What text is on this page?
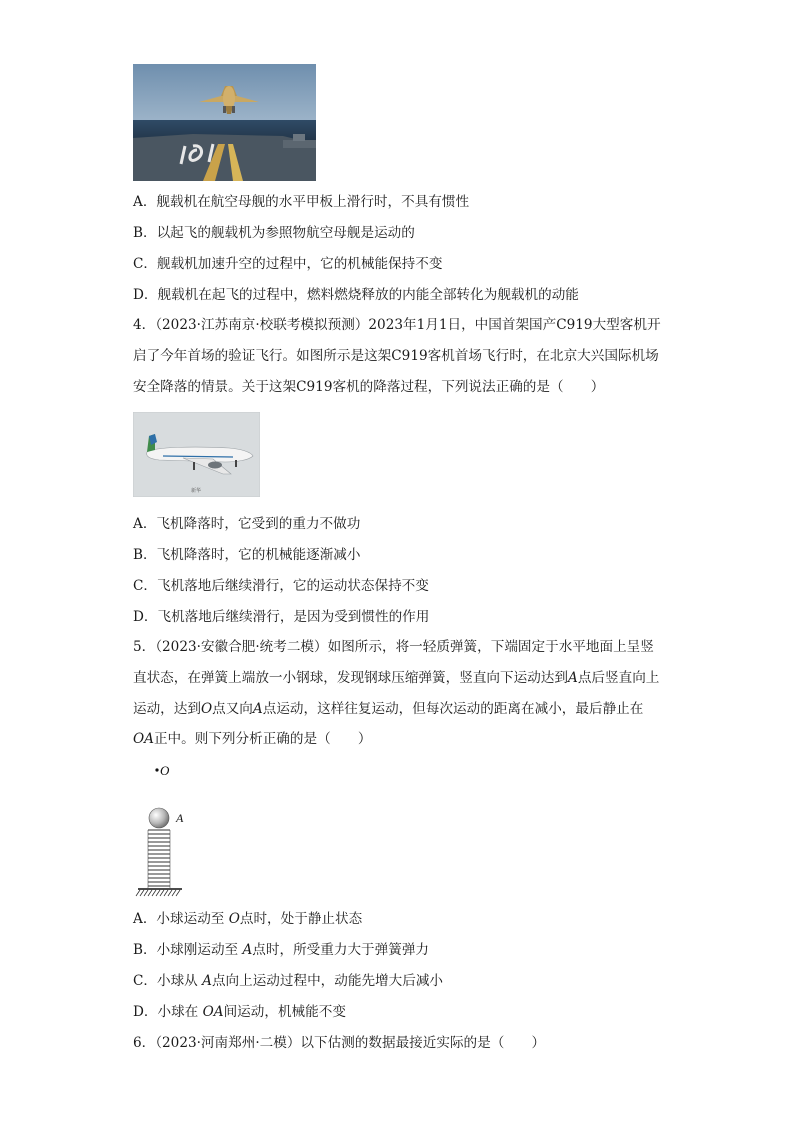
A．舰载机在航空母舰的水平甲板上滑行时，不具有惯性
B．以起飞的舰载机为参照物航空母舰是运动的
C．舰载机加速升空的过程中，它的机械能保持不变
D．舰载机在起飞的过程中，燃料燃烧释放的内能全部转化为舰载机的动能
4．（2023·江苏南京·校联考模拟预测）2023年1月1日，中国首架国产C919大型客机开启了今年首场的验证飞行。如图所示是这架C919客机首场飞行时，在北京大兴国际机场安全降落的情景。关于这架C919客机的降落过程，下列说法正确的是（　　）
新华
A．飞机降落时，它受到的重力不做功
B．飞机降落时，它的机械能逐渐减小
C．飞机落地后继续滑行，它的运动状态保持不变
D．飞机落地后继续滑行，是因为受到惯性的作用
5．（2023·安徽合肥·统考二模）如图所示，将一轻质弹簧，下端固定于水平地面上呈竖直状态，在弹簧上端放一小钢球，发现钢球压缩弹簧，竖直向下运动达到A点后竖直向上运动，达到O点又向A点运动，这样往复运动，但每次运动的距离在减小，最后静止在OA正中。则下列分析正确的是（　　）
O
A
A．小球运动至 O点时，处于静止状态
B．小球刚运动至 A点时，所受重力大于弹簧弹力
C．小球从 A点向上运动过程中，动能先增大后减小
D．小球在 OA间运动，机械能不变
6．（2023·河南郑州·二模）以下估测的数据最接近实际的是（　　）
